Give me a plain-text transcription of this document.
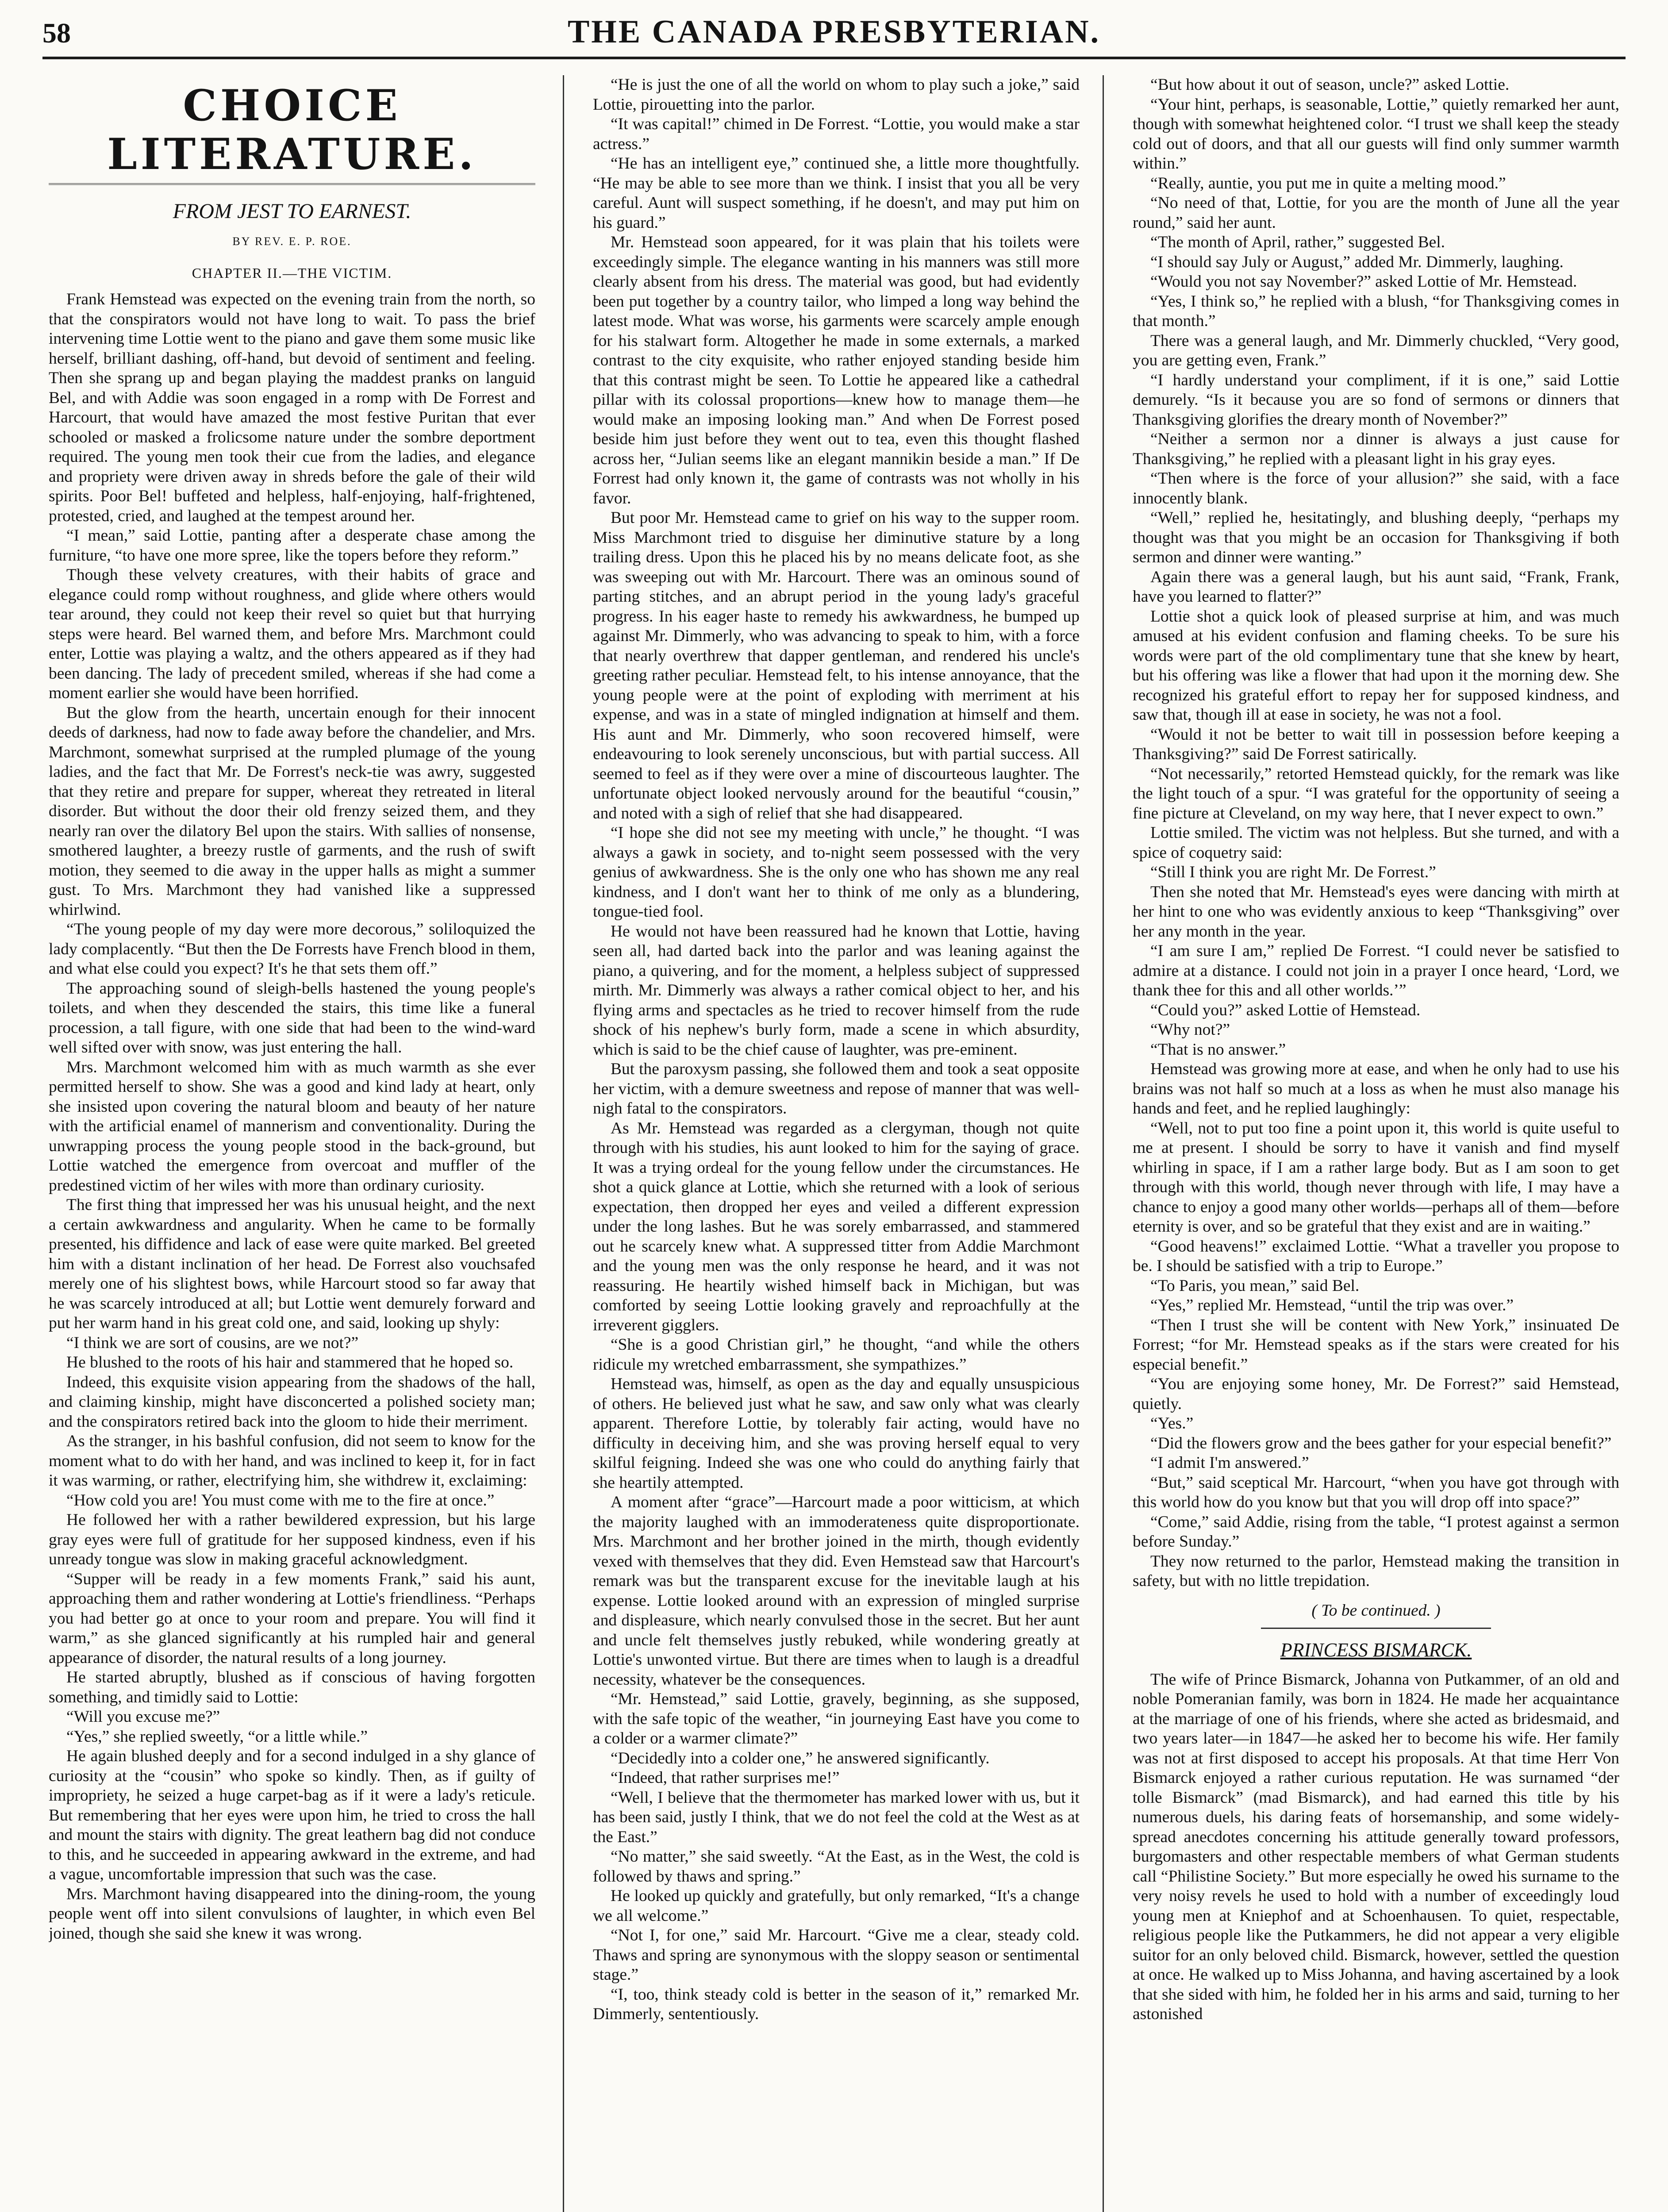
58	THE CANADA PRESBYTERIAN.
CHOICE LITERATURE.
FROM JEST TO EARNEST.
BY REV. E. P. ROE.
CHAPTER II.—THE VICTIM.

Frank Hemstead was expected on the evening train from the north, so that the conspirators would not have long to wait. To pass the brief intervening time Lottie went to the piano and gave them some music like herself, brilliant dashing, off-hand, but devoid of sentiment and feeling. Then she sprang up and began playing the maddest pranks on languid Bel, and with Addie was soon engaged in a romp with De Forrest and Harcourt, that would have amazed the most festive Puritan that ever schooled or masked a frolicsome nature under the sombre deportment required. The young men took their cue from the ladies, and elegance and propriety were driven away in shreds before the gale of their wild spirits. Poor Bel! buffeted and helpless, half-enjoying, half-frightened, protested, cried, and laughed at the tempest around her.

“I mean,” said Lottie, panting after a desperate chase among the furniture, “to have one more spree, like the topers before they reform.”

Though these velvety creatures, with their habits of grace and elegance could romp without roughness, and glide where others would tear around, they could not keep their revel so quiet but that hurrying steps were heard. Bel warned them, and before Mrs. Marchmont could enter, Lottie was playing a waltz, and the others appeared as if they had been dancing. The lady of precedent smiled, whereas if she had come a moment earlier she would have been horrified.

But the glow from the hearth, uncertain enough for their innocent deeds of darkness, had now to fade away before the chandelier, and Mrs. Marchmont, somewhat surprised at the rumpled plumage of the young ladies, and the fact that Mr. De Forrest's neck-tie was awry, suggested that they retire and prepare for supper, whereat they retreated in literal disorder. But without the door their old frenzy seized them, and they nearly ran over the dilatory Bel upon the stairs. With sallies of nonsense, smothered laughter, a breezy rustle of garments, and the rush of swift motion, they seemed to die away in the upper halls as might a summer gust. To Mrs. Marchmont they had vanished like a suppressed whirlwind.

“The young people of my day were more decorous,” soliloquized the lady complacently. “But then the De Forrests have French blood in them, and what else could you expect? It's he that sets them off.”

The approaching sound of sleigh-bells hastened the young people's toilets, and when they descended the stairs, this time like a funeral procession, a tall figure, with one side that had been to the wind-ward well sifted over with snow, was just entering the hall.

Mrs. Marchmont welcomed him with as much warmth as she ever permitted herself to show. She was a good and kind lady at heart, only she insisted upon covering the natural bloom and beauty of her nature with the artificial enamel of mannerism and conventionality. During the unwrapping process the young people stood in the back-ground, but Lottie watched the emergence from overcoat and muffler of the predestined victim of her wiles with more than ordinary curiosity.

The first thing that impressed her was his unusual height, and the next a certain awkwardness and angularity. When he came to be formally presented, his diffidence and lack of ease were quite marked. Bel greeted him with a distant inclination of her head. De Forrest also vouchsafed merely one of his slightest bows, while Harcourt stood so far away that he was scarcely introduced at all; but Lottie went demurely forward and put her warm hand in his great cold one, and said, looking up shyly:

“I think we are sort of cousins, are we not?”

He blushed to the roots of his hair and stammered that he hoped so.

Indeed, this exquisite vision appearing from the shadows of the hall, and claiming kinship, might have disconcerted a polished society man; and the conspirators retired back into the gloom to hide their merriment.

As the stranger, in his bashful confusion, did not seem to know for the moment what to do with her hand, and was inclined to keep it, for in fact it was warming, or rather, electrifying him, she withdrew it, exclaiming:

“How cold you are! You must come with me to the fire at once.”

He followed her with a rather bewildered expression, but his large gray eyes were full of gratitude for her supposed kindness, even if his unready tongue was slow in making graceful acknowledgment.

“Supper will be ready in a few moments Frank,” said his aunt, approaching them and rather wondering at Lottie's friendliness. “Perhaps you had better go at once to your room and prepare. You will find it warm,” as she glanced significantly at his rumpled hair and general appearance of disorder, the natural results of a long journey.

He started abruptly, blushed as if conscious of having forgotten something, and timidly said to Lottie:

“Will you excuse me?”

“Yes,” she replied sweetly, “or a little while.”

He again blushed deeply and for a second indulged in a shy glance of curiosity at the “cousin” who spoke so kindly. Then, as if guilty of impropriety, he seized a huge carpet-bag as if it were a lady's reticule. But remembering that her eyes were upon him, he tried to cross the hall and mount the stairs with dignity. The great leathern bag did not conduce to this, and he succeeded in appearing awkward in the extreme, and had a vague, uncomfortable impression that such was the case.

Mrs. Marchmont having disappeared into the dining-room, the young people went off into silent convulsions of laughter, in which even Bel joined, though she said she knew it was wrong.

“He is just the one of all the world on whom to play such a joke,” said Lottie, pirouetting into the parlor.

“It was capital!” chimed in De Forrest. “Lottie, you would make a star actress.”

“He has an intelligent eye,” continued she, a little more thoughtfully. “He may be able to see more than we think. I insist that you all be very careful. Aunt will suspect something, if he doesn't, and may put him on his guard.”

Mr. Hemstead soon appeared, for it was plain that his toilets were exceedingly simple. The elegance wanting in his manners was still more clearly absent from his dress. The material was good, but had evidently been put together by a country tailor, who limped a long way behind the latest mode. What was worse, his garments were scarcely ample enough for his stalwart form. Altogether he made in some externals, a marked contrast to the city exquisite, who rather enjoyed standing beside him that this contrast might be seen. To Lottie he appeared like a cathedral pillar with its colossal proportions—knew how to manage them—he would make an imposing looking man.” And when De Forrest posed beside him just before they went out to tea, even this thought flashed across her, “Julian seems like an elegant mannikin beside a man.” If De Forrest had only known it, the game of contrasts was not wholly in his favor.

But poor Mr. Hemstead came to grief on his way to the supper room. Miss Marchmont tried to disguise her diminutive stature by a long trailing dress. Upon this he placed his by no means delicate foot, as she was sweeping out with Mr. Harcourt. There was an ominous sound of parting stitches, and an abrupt period in the young lady's graceful progress. In his eager haste to remedy his awkwardness, he bumped up against Mr. Dimmerly, who was advancing to speak to him, with a force that nearly overthrew that dapper gentleman, and rendered his uncle's greeting rather peculiar. Hemstead felt, to his intense annoyance, that the young people were at the point of exploding with merriment at his expense, and was in a state of mingled indignation at himself and them. His aunt and Mr. Dimmerly, who soon recovered himself, were endeavouring to look serenely unconscious, but with partial success. All seemed to feel as if they were over a mine of discourteous laughter. The unfortunate object looked nervously around for the beautiful “cousin,” and noted with a sigh of relief that she had disappeared.

“I hope she did not see my meeting with uncle,” he thought. “I was always a gawk in society, and to-night seem possessed with the very genius of awkwardness. She is the only one who has shown me any real kindness, and I don't want her to think of me only as a blundering, tongue-tied fool.

He would not have been reassured had he known that Lottie, having seen all, had darted back into the parlor and was leaning against the piano, a quivering, and for the moment, a helpless subject of suppressed mirth. Mr. Dimmerly was always a rather comical object to her, and his flying arms and spectacles as he tried to recover himself from the rude shock of his nephew's burly form, made a scene in which absurdity, which is said to be the chief cause of laughter, was pre-eminent.

But the paroxysm passing, she followed them and took a seat opposite her victim, with a demure sweetness and repose of manner that was well-nigh fatal to the conspirators.

As Mr. Hemstead was regarded as a clergyman, though not quite through with his studies, his aunt looked to him for the saying of grace. It was a trying ordeal for the young fellow under the circumstances. He shot a quick glance at Lottie, which she returned with a look of serious expectation, then dropped her eyes and veiled a different expression under the long lashes. But he was sorely embarrassed, and stammered out he scarcely knew what. A suppressed titter from Addie Marchmont and the young men was the only response he heard, and it was not reassuring. He heartily wished himself back in Michigan, but was comforted by seeing Lottie looking gravely and reproachfully at the irreverent gigglers.

“She is a good Christian girl,” he thought, “and while the others ridicule my wretched embarrassment, she sympathizes.”

Hemstead was, himself, as open as the day and equally unsuspicious of others. He believed just what he saw, and saw only what was clearly apparent. Therefore Lottie, by tolerably fair acting, would have no difficulty in deceiving him, and she was proving herself equal to very skilful feigning. Indeed she was one who could do anything fairly that she heartily attempted.

A moment after “grace”—Harcourt made a poor witticism, at which the majority laughed with an immoderateness quite disproportionate. Mrs. Marchmont and her brother joined in the mirth, though evidently vexed with themselves that they did. Even Hemstead saw that Harcourt's remark was but the transparent excuse for the inevitable laugh at his expense. Lottie looked around with an expression of mingled surprise and displeasure, which nearly convulsed those in the secret. But her aunt and uncle felt themselves justly rebuked, while wondering greatly at Lottie's unwonted virtue. But there are times when to laugh is a dreadful necessity, whatever be the consequences.

“Mr. Hemstead,” said Lottie, gravely, beginning, as she supposed, with the safe topic of the weather, “in journeying East have you come to a colder or a warmer climate?”

“Decidedly into a colder one,” he answered significantly.

“Indeed, that rather surprises me!”

“Well, I believe that the thermometer has marked lower with us, but it has been said, justly I think, that we do not feel the cold at the West as at the East.”

“No matter,” she said sweetly. “At the East, as in the West, the cold is followed by thaws and spring.”

He looked up quickly and gratefully, but only remarked, “It's a change we all welcome.”

“Not I, for one,” said Mr. Harcourt. “Give me a clear, steady cold. Thaws and spring are synonymous with the sloppy season or sentimental stage.”

“I, too, think steady cold is better in the season of it,” remarked Mr. Dimmerly, sententiously.

“But how about it out of season, uncle?” asked Lottie.

“Your hint, perhaps, is seasonable, Lottie,” quietly remarked her aunt, though with somewhat heightened color. “I trust we shall keep the steady cold out of doors, and that all our guests will find only summer warmth within.”

“Really, auntie, you put me in quite a melting mood.”

“No need of that, Lottie, for you are the month of June all the year round,” said her aunt.

“The month of April, rather,” suggested Bel.

“I should say July or August,” added Mr. Dimmerly, laughing.

“Would you not say November?” asked Lottie of Mr. Hemstead.

“Yes, I think so,” he replied with a blush, “for Thanksgiving comes in that month.”

There was a general laugh, and Mr. Dimmerly chuckled, “Very good, you are getting even, Frank.”

“I hardly understand your compliment, if it is one,” said Lottie demurely. “Is it because you are so fond of sermons or dinners that Thanksgiving glorifies the dreary month of November?”

“Neither a sermon nor a dinner is always a just cause for Thanksgiving,” he replied with a pleasant light in his gray eyes.

“Then where is the force of your allusion?” she said, with a face innocently blank.

“Well,” replied he, hesitatingly, and blushing deeply, “perhaps my thought was that you might be an occasion for Thanksgiving if both sermon and dinner were wanting.”

Again there was a general laugh, but his aunt said, “Frank, Frank, have you learned to flatter?”

Lottie shot a quick look of pleased surprise at him, and was much amused at his evident confusion and flaming cheeks. To be sure his words were part of the old complimentary tune that she knew by heart, but his offering was like a flower that had upon it the morning dew. She recognized his grateful effort to repay her for supposed kindness, and saw that, though ill at ease in society, he was not a fool.

“Would it not be better to wait till in possession before keeping a Thanksgiving?” said De Forrest satirically.

“Not necessarily,” retorted Hemstead quickly, for the remark was like the light touch of a spur. “I was grateful for the opportunity of seeing a fine picture at Cleveland, on my way here, that I never expect to own.”

Lottie smiled. The victim was not helpless. But she turned, and with a spice of coquetry said:

“Still I think you are right Mr. De Forrest.”

Then she noted that Mr. Hemstead's eyes were dancing with mirth at her hint to one who was evidently anxious to keep “Thanksgiving” over her any month in the year.

“I am sure I am,” replied De Forrest. “I could never be satisfied to admire at a distance. I could not join in a prayer I once heard, ‘Lord, we thank thee for this and all other worlds.’”

“Could you?” asked Lottie of Hemstead.

“Why not?”

“That is no answer.”

Hemstead was growing more at ease, and when he only had to use his brains was not half so much at a loss as when he must also manage his hands and feet, and he replied laughingly:

“Well, not to put too fine a point upon it, this world is quite useful to me at present. I should be sorry to have it vanish and find myself whirling in space, if I am a rather large body. But as I am soon to get through with this world, though never through with life, I may have a chance to enjoy a good many other worlds—perhaps all of them—before eternity is over, and so be grateful that they exist and are in waiting.”

“Good heavens!” exclaimed Lottie. “What a traveller you propose to be. I should be satisfied with a trip to Europe.”

“To Paris, you mean,” said Bel.

“Yes,” replied Mr. Hemstead, “until the trip was over.”

“Then I trust she will be content with New York,” insinuated De Forrest; “for Mr. Hemstead speaks as if the stars were created for his especial benefit.”

“You are enjoying some honey, Mr. De Forrest?” said Hemstead, quietly.

“Yes.”

“Did the flowers grow and the bees gather for your especial benefit?”

“I admit I'm answered.”

“But,” said sceptical Mr. Harcourt, “when you have got through with this world how do you know but that you will drop off into space?”

“Come,” said Addie, rising from the table, “I protest against a sermon before Sunday.”

They now returned to the parlor, Hemstead making the transition in safety, but with no little trepidation.

( To be continued. )

PRINCESS BISMARCK.

The wife of Prince Bismarck, Johanna von Putkammer, of an old and noble Pomeranian family, was born in 1824. He made her acquaintance at the marriage of one of his friends, where she acted as bridesmaid, and two years later—in 1847—he asked her to become his wife. Her family was not at first disposed to accept his proposals. At that time Herr Von Bismarck enjoyed a rather curious reputation. He was surnamed “der tolle Bismarck” (mad Bismarck), and had earned this title by his numerous duels, his daring feats of horsemanship, and some widely-spread anecdotes concerning his attitude generally toward professors, burgomasters and other respectable members of what German students call “Philistine Society.” But more especially he owed his surname to the very noisy revels he used to hold with a number of exceedingly loud young men at Kniephof and at Schoenhausen. To quiet, respectable, religious people like the Putkammers, he did not appear a very eligible suitor for an only beloved child. Bismarck, however, settled the question at once. He walked up to Miss Johanna, and having ascertained by a look that she sided with him, he folded her in his arms and said, turning to her astonished
